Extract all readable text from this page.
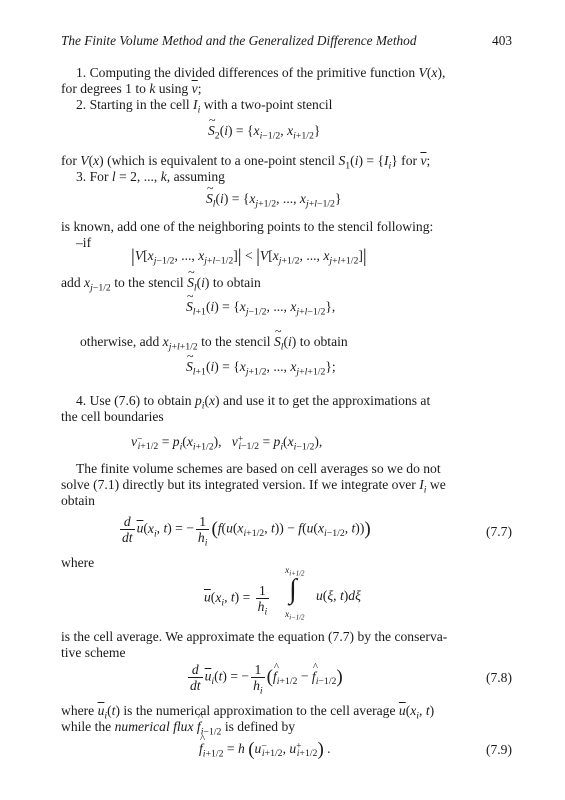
The Finite Volume Method and the Generalized Difference Method	403
1. Computing the divided differences of the primitive function V(x),
for degrees 1 to k using $\overline{v}$;
2. Starting in the cell $I_i$ with a two-point stencil
~ $S_2(i) = \{x_{i-1/2}$, $x_{i+1/2}$}
for V(x) (which is equivalent to a one-point stencil $S_1(i) = \{I_i\}$ for $\overline{v}$;
3. For l = 2, ..., k, assuming
~ $S_l(i) = \{x_{j+1/2}$, ..., $x_{j+l-1/2}$}
is known, add one of the neighboring points to the stencil following:
–if
$|V[x_{j-1/2}$, ..., $x_{j+l-1/2}]| < |V[x_{j+1/2}$, ..., $x_{j+l+1/2}]|$
add $x_{j-1/2}$ to the stencil ~ $S_l(i)$ to obtain
~ $S_{l+1}(i) = \{x_{j-1/2}$, ..., $x_{j+l-1/2}$},
otherwise, add $x_{j+l+1/2}$ to the stencil ~ $S_l(i)$ to obtain
~ $S_{l+1}(i) = \{x_{j+1/2}$, ..., $x_{j+l+1/2}$};
4. Use (7.6) to obtain $p_i(x)$ and use it to get the approximations at
the cell boundaries
$v^-_{i+1/2} = p_i(x_{i+1/2})$,   $v^+_{i-1/2} = p_i(x_{i-1/2})$,
The finite volume schemes are based on cell averages so we do not
solve (7.1) directly but its integrated version. If we integrate over $I_i$ we
obtain
$\frac{d}{dt} \overline{u}(x_i$, t) = − $\frac{1}{h_i} (f(u(x_{i+1/2}$, $t)) - f(u(x_{i-1/2}$, t)))	(7.7)
where
$x_{i+1/2}$
$\overline{u}(x_i$, $t) = \frac{1}{h_i}$ ∫ u(ξ, t)dξ
$x_{i-1/2}$
is the cell average. We approximate the equation (7.7) by the conserva-
tive scheme
$\frac{d}{dt} \overline{u}_i(t)$ = − $\frac{1}{h_i}$ (^ $f_{i+1/2}$ − ^ $f_{i-1/2}$)	(7.8)
where $\overline{u}_i(t)$ is the numerical approximation to the cell average $\overline{u}(x_i$, t)
while the numerical flux ^ $f_{i-1/2}$ is defined by
^ $f_{i+1/2} = h$ ($u^-_{i+1/2}$, $u^+_{i+1/2}$) .	(7.9)
